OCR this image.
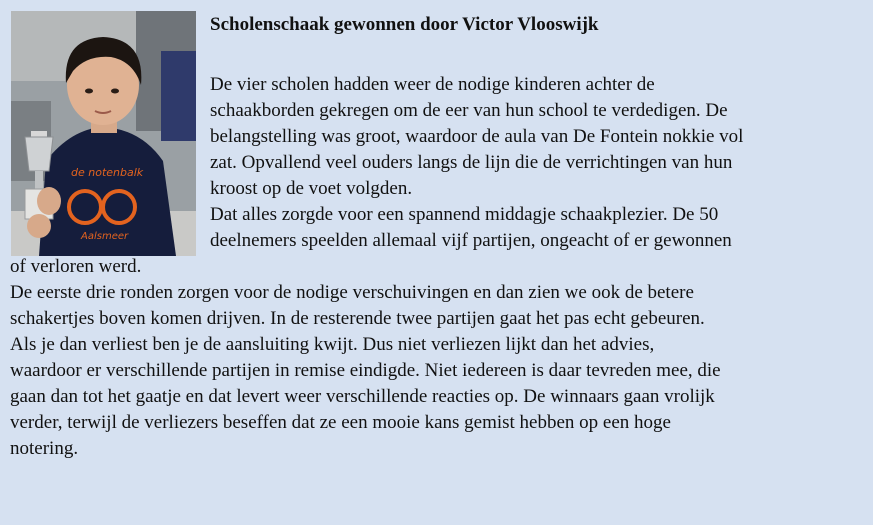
de notenbalk
Aalsmeer
Scholenschaak gewonnen door Victor Vlooswijk
De vier scholen hadden weer de nodige kinderen achter de
schaakborden gekregen om de eer van hun school te verdedigen. De
belangstelling was groot, waardoor de aula van De Fontein nokkie vol
zat. Opvallend veel ouders langs de lijn die de verrichtingen van hun
kroost op de voet volgden.
Dat alles zorgde voor een spannend middagje schaakplezier. De 50
deelnemers speelden allemaal vijf partijen, ongeacht of er gewonnen
of verloren werd.
De eerste drie ronden zorgen voor de nodige verschuivingen en dan zien we ook de betere
schakertjes boven komen drijven. In de resterende twee partijen gaat het pas echt gebeuren.
Als je dan verliest ben je de aansluiting kwijt. Dus niet verliezen lijkt dan het advies,
waardoor er verschillende partijen in remise eindigde. Niet iedereen is daar tevreden mee, die
gaan dan tot het gaatje en dat levert weer verschillende reacties op. De winnaars gaan vrolijk
verder, terwijl de verliezers beseffen dat ze een mooie kans gemist hebben op een hoge
notering.
